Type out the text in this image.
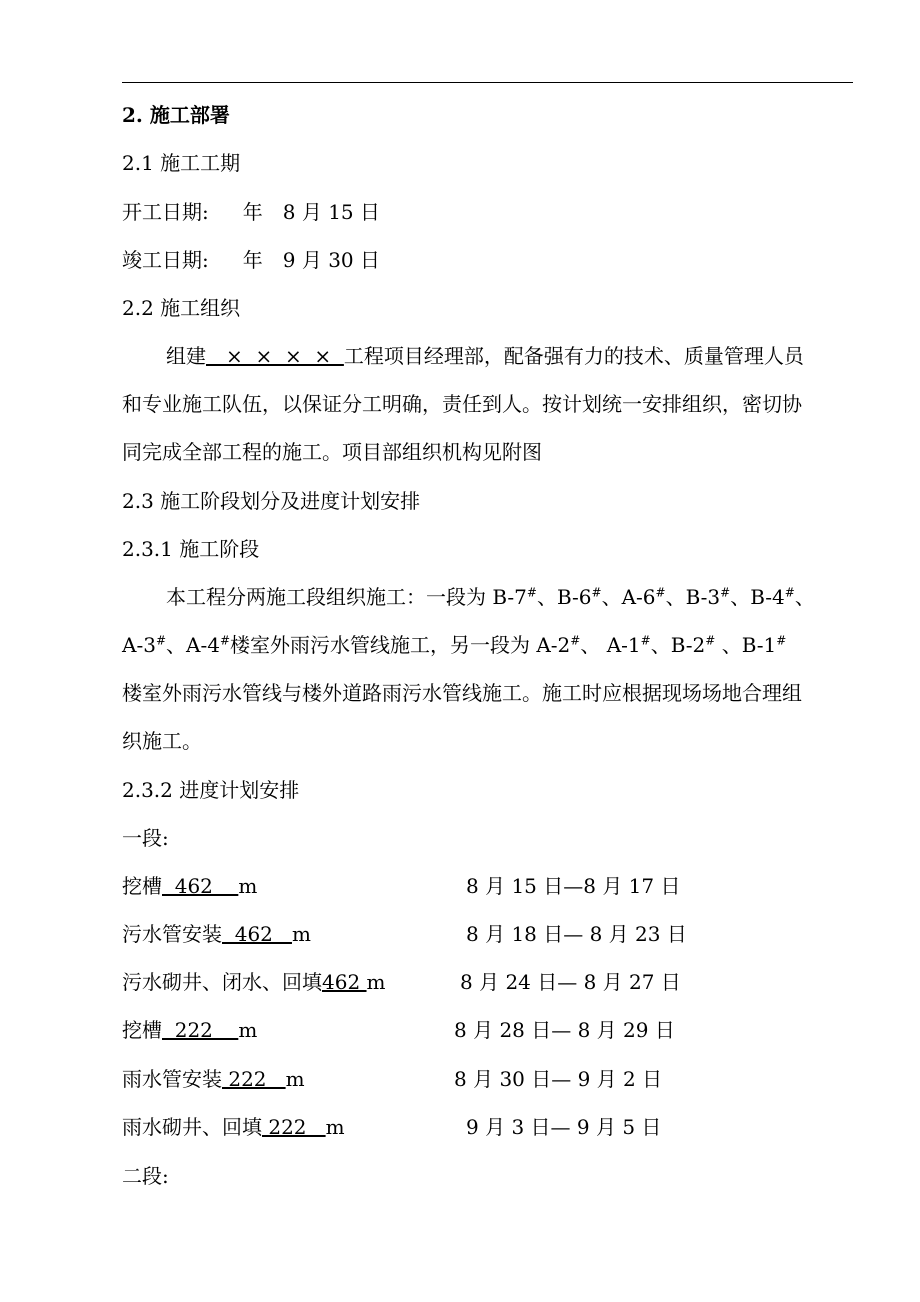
2. 施工部署
2.1 施工工期
开工日期: 年　8 月 15 日
竣工日期: 年　9 月 30 日
2.2 施工组织
组建　×  ×  ×  ×  工程项目经理部，配备强有力的技术、质量管理人员
和专业施工队伍，以保证分工明确，责任到人。按计划统一安排组织，密切协
同完成全部工程的施工。项目部组织机构见附图
2.3 施工阶段划分及进度计划安排
2.3.1 施工阶段
本工程分两施工段组织施工：一段为 B-7#、B-6#、A-6#、B-3#、B-4#、
A-3#、A-4#楼室外雨污水管线施工，另一段为 A-2#、 A-1#、B-2# 、B-1#
楼室外雨污水管线与楼外道路雨污水管线施工。施工时应根据现场场地合理组
织施工。
2.3.2 进度计划安排
一段:
挖槽  462    m	8 月 15 日—8 月 17 日
污水管安装  462   m	8 月 18 日— 8 月 23 日
污水砌井、闭水、回填462 m	8 月 24 日— 8 月 27 日
挖槽  222    m	8 月 28 日— 8 月 29 日
雨水管安装 222   m	8 月 30 日— 9 月 2 日
雨水砌井、回填 222   m	9 月 3 日— 9 月 5 日
二段:
